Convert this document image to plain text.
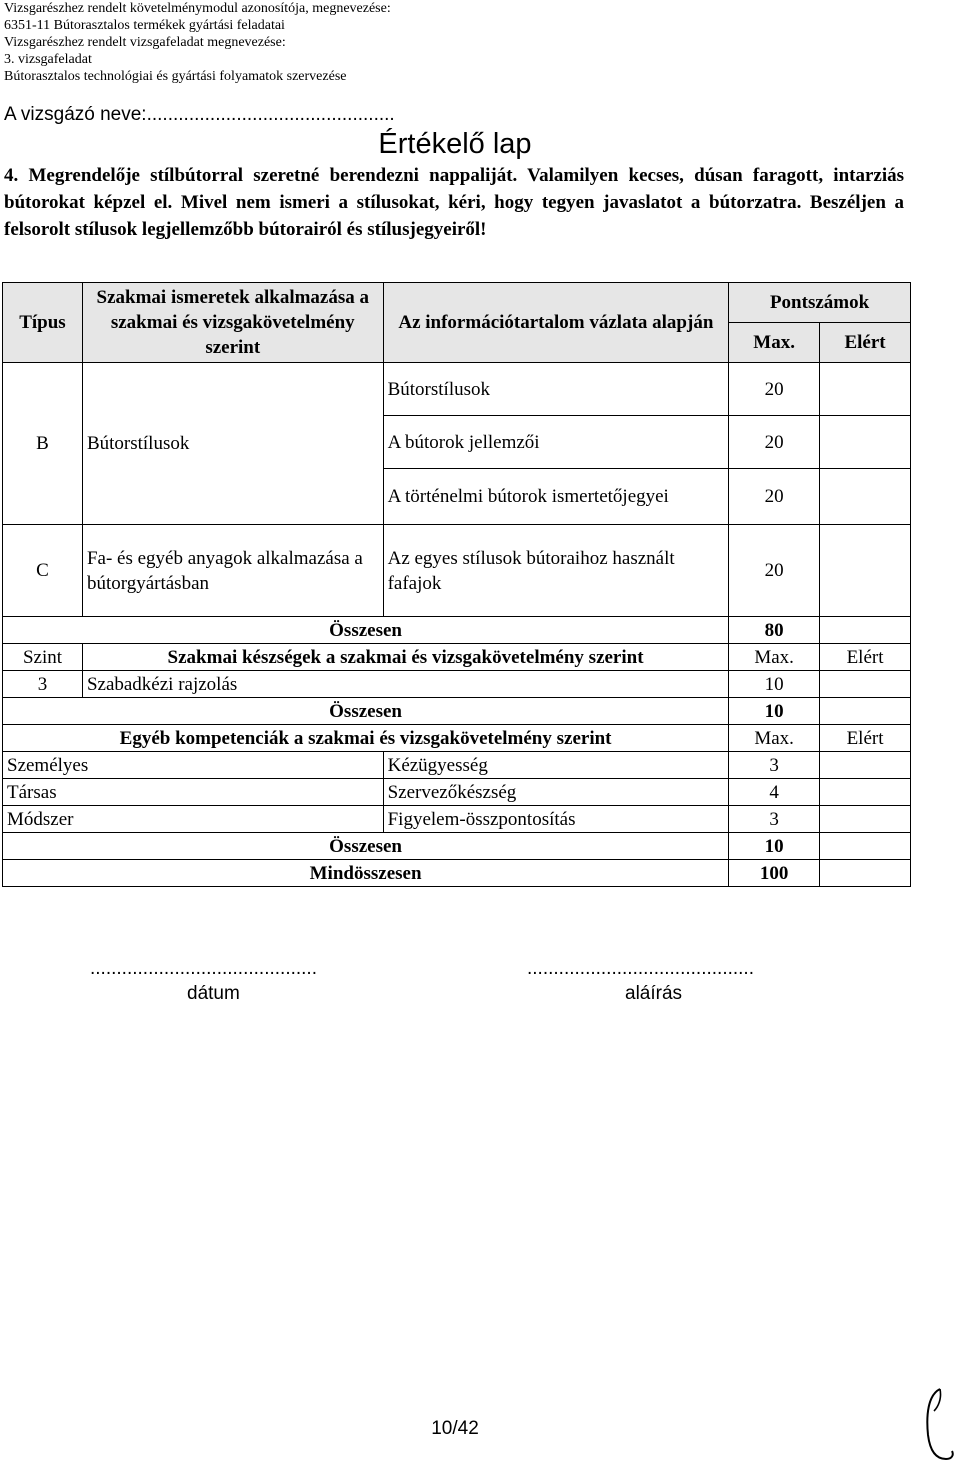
Vizsgarészhez rendelt követelménymodul azonosítója, megnevezése:
6351-11 Bútorasztalos termékek gyártási feladatai
Vizsgarészhez rendelt vizsgafeladat megnevezése:
3. vizsgafeladat
Bútorasztalos technológiai és gyártási folyamatok szervezése
A vizsgázó neve:...............................................
Értékelő lap
4. Megrendelője stílbútorral szeretné berendezni nappaliját. Valamilyen kecses, dúsan faragott, intarziás bútorokat képzel el. Mivel nem ismeri a stílusokat, kéri, hogy tegyen javaslatot a bútorzatra. Beszéljen a felsorolt stílusok legjellemzőbb bútorairól és stílusjegyeiről!
Típus	Szakmai ismeretek alkalmazása a szakmai és vizsgakövetelmény szerint	Az információtartalom vázlata alapján	Pontszámok	
			Max.	Elért
B	Bútorstílusok	Bútorstílusok	20	
		A bútorok jellemzői	20	
		A történelmi bútorok ismertetőjegyei	20	
C	Fa- és egyéb anyagok alkalmazása a bútorgyártásban	Az egyes stílusok bútoraihoz használt fafajok	20	
Összesen			80	
Szint	Szakmai készségek a szakmai és vizsgakövetelmény szerint		Max.	Elért
3	Szabadkézi rajzolás		10	
Összesen			10	
Egyéb kompetenciák a szakmai és vizsgakövetelmény szerint			Max.	Elért
Személyes		Kézügyesség	3	
Társas		Szervezőkészség	4	
Módszer		Figyelem-összpontosítás	3	
Összesen			10	
Mindösszesen			100	
...........................................
dátum
...........................................
aláírás
10/42
